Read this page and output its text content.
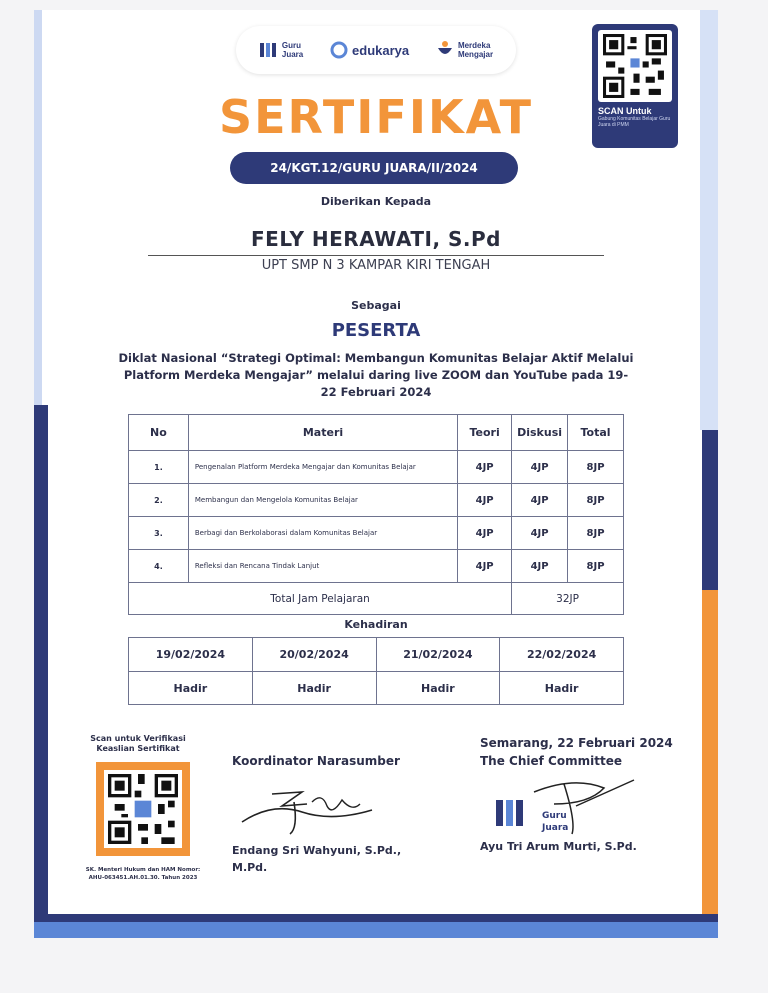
Guru
Juara	edukarya	Merdeka
Mengajar
SCAN Untuk
Gabung Komunitas Belajar Guru Juara di PMM
SERTIFIKAT
24/KGT.12/GURU JUARA/II/2024
Diberikan Kepada
FELY HERAWATI, S.Pd
UPT SMP N 3 KAMPAR KIRI TENGAH
Sebagai
PESERTA
Diklat Nasional “Strategi Optimal: Membangun Komunitas Belajar Aktif Melalui Platform Merdeka Mengajar” melalui daring live ZOOM dan YouTube pada 19-22 Februari 2024
No	Materi	Teori	Diskusi	Total
1.	Pengenalan Platform Merdeka Mengajar dan Komunitas Belajar	4JP	4JP	8JP
2.	Membangun dan Mengelola Komunitas Belajar	4JP	4JP	8JP
3.	Berbagi dan Berkolaborasi dalam Komunitas Belajar	4JP	4JP	8JP
4.	Refleksi dan Rencana Tindak Lanjut	4JP	4JP	8JP
Total Jam Pelajaran			32JP	
Kehadiran
19/02/2024	20/02/2024	21/02/2024	22/02/2024
Hadir	Hadir	Hadir	Hadir
Scan untuk Verifikasi Keaslian Sertifikat
SK. Menteri Hukum dan HAM Nomor: AHU-063451.AH.01.30. Tahun 2023
Koordinator Narasumber
Endang Sri Wahyuni, S.Pd., M.Pd.
Semarang, 22 Februari 2024
The Chief Committee
Guru
Juara
Ayu Tri Arum Murti, S.Pd.
